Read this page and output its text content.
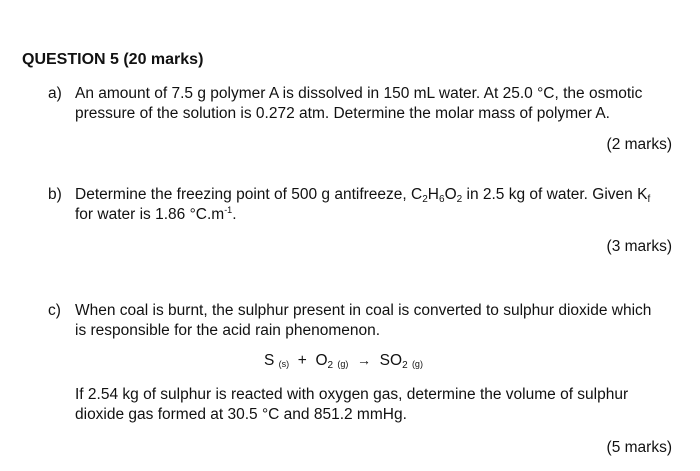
QUESTION 5 (20 marks)
a) An amount of 7.5 g polymer A is dissolved in 150 mL water. At 25.0 °C, the osmotic
pressure of the solution is 0.272 atm. Determine the molar mass of polymer A.
(2 marks)
b) Determine the freezing point of 500 g antifreeze, $C_2H_6O_2$ in 2.5 kg of water. Given $K_f$
for water is 1.86 $^\circ C.m^{-1}$.
(3 marks)
c) When coal is burnt, the sulphur present in coal is converted to sulphur dioxide which
is responsible for the acid rain phenomenon.
S $(s) + O_2$ $(g) \to SO_2$ (g)
If 2.54 kg of sulphur is reacted with oxygen gas, determine the volume of sulphur
dioxide gas formed at 30.5 °C and 851.2 mmHg.
(5 marks)
